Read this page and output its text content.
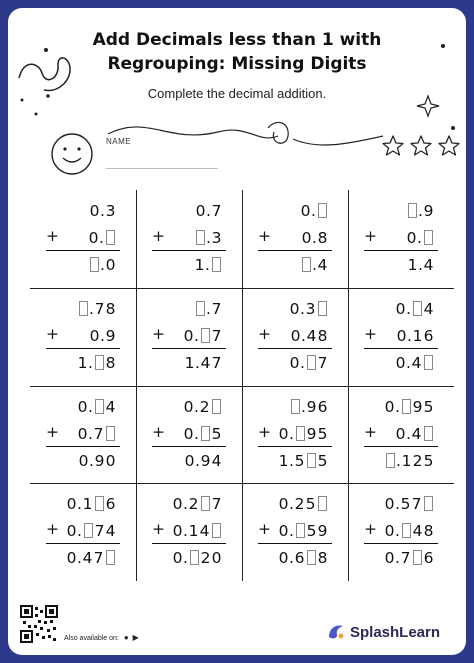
Add Decimals less than 1 with
Regrouping: Missing Digits
Complete the decimal addition.
NAME
0 . 3
0 .
. 0
+
0 . 7
. 3
1 .
+
0 .
0 . 8
. 4
+
. 9
0 .
1 . 4
+
. 7 8
0 . 9
1 . 8
+
. 7
0 . 7
1 . 4 7
+
0 . 3
0 . 4 8
0 . 7
+
0 . 4
0 . 1 6
0 . 4
+
0 . 4
0 . 7
0 . 9 0
+
0 . 2
0 . 5
0 . 9 4
+
. 9 6
0 . 9 5
1 . 5 5
+
0 . 9 5
0 . 4
. 1 2 5
+
0 . 1 6
0 . 7 4
0 . 4 7
+
0 . 2 7
0 . 1 4
0 . 2 0
+
0 . 2 5
0 . 5 9
0 . 6 8
+
0 . 5 7
0 . 4 8
0 . 7 6
+
Also available on: ● ▶	SplashLearn
